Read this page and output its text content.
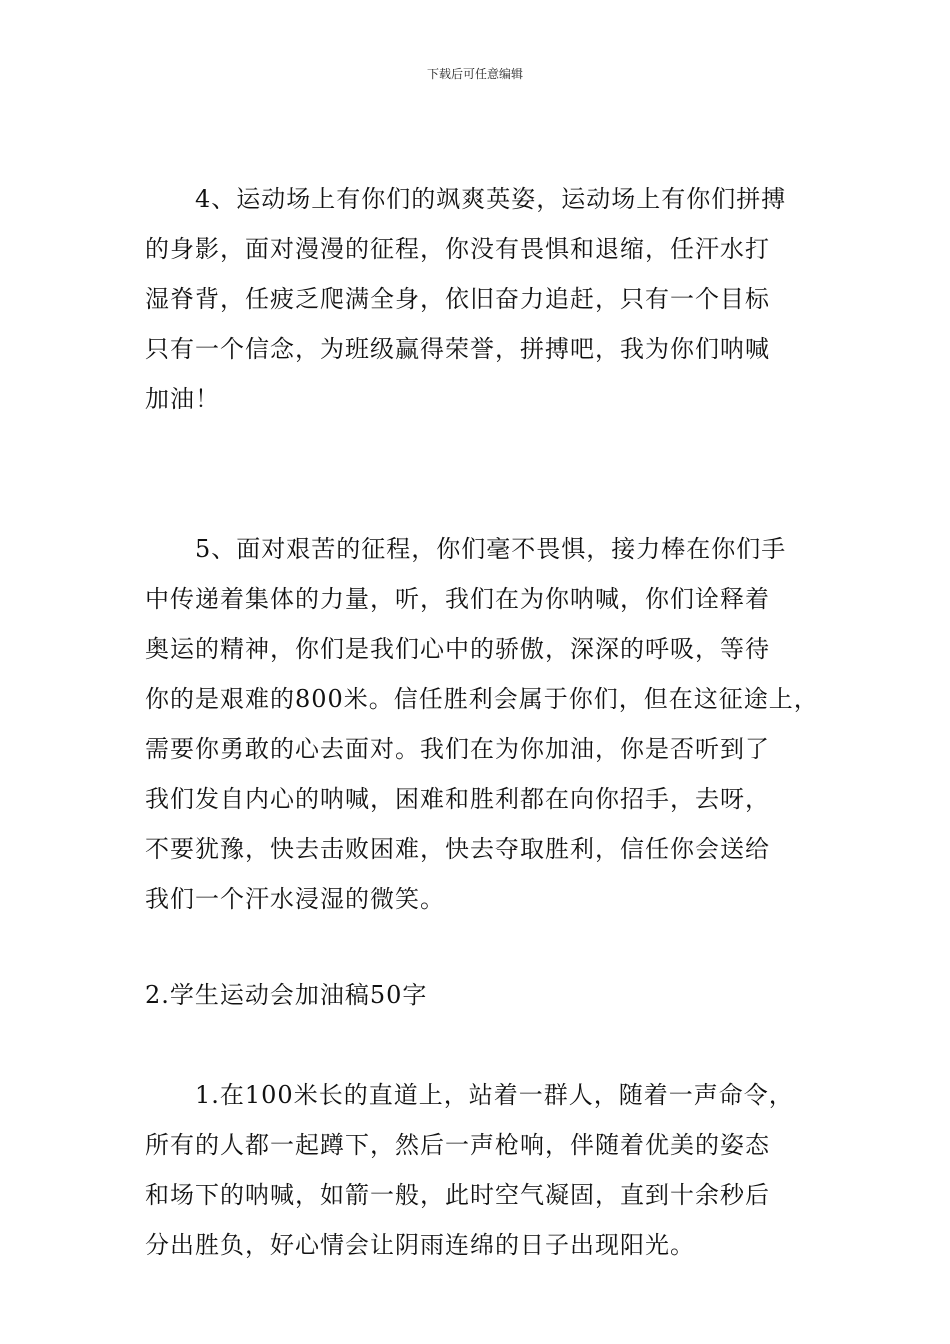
下载后可任意编辑
4、运动场上有你们的飒爽英姿，运动场上有你们拼搏
的身影，面对漫漫的征程，你没有畏惧和退缩，任汗水打
湿脊背，任疲乏爬满全身，依旧奋力追赶，只有一个目标
只有一个信念，为班级赢得荣誉，拼搏吧，我为你们呐喊
加油！
5、面对艰苦的征程，你们毫不畏惧，接力棒在你们手
中传递着集体的力量，听，我们在为你呐喊，你们诠释着
奥运的精神，你们是我们心中的骄傲，深深的呼吸，等待
你的是艰难的800米。信任胜利会属于你们，但在这征途上，
需要你勇敢的心去面对。我们在为你加油，你是否听到了
我们发自内心的呐喊，困难和胜利都在向你招手，去呀，
不要犹豫，快去击败困难，快去夺取胜利，信任你会送给
我们一个汗水浸湿的微笑。
2.学生运动会加油稿50字
1.在100米长的直道上，站着一群人，随着一声命令，
所有的人都一起蹲下，然后一声枪响，伴随着优美的姿态
和场下的呐喊，如箭一般，此时空气凝固，直到十余秒后
分出胜负，好心情会让阴雨连绵的日子出现阳光。
